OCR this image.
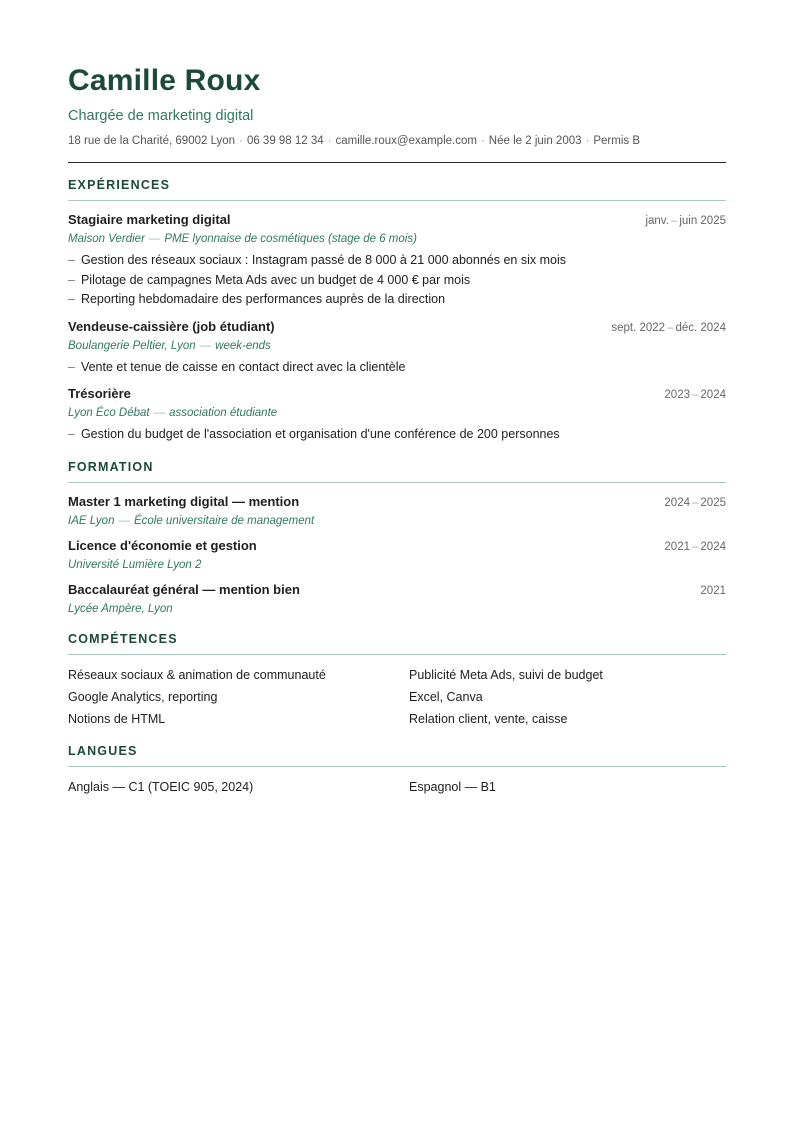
Camille Roux
Chargée de marketing digital
18 rue de la Charité, 69002 Lyon · 06 39 98 12 34 · camille.roux@example.com · Née le 2 juin 2003 · Permis B
EXPÉRIENCES
Stagiaire marketing digital	janv. – juin 2025
Maison Verdier — PME lyonnaise de cosmétiques (stage de 6 mois)
– Gestion des réseaux sociaux : Instagram passé de 8 000 à 21 000 abonnés en six mois
– Pilotage de campagnes Meta Ads avec un budget de 4 000 € par mois
– Reporting hebdomadaire des performances auprès de la direction
Vendeuse-caissière (job étudiant)	sept. 2022 – déc. 2024
Boulangerie Peltier, Lyon — week-ends
– Vente et tenue de caisse en contact direct avec la clientèle
Trésorière	2023 – 2024
Lyon Éco Débat — association étudiante
– Gestion du budget de l'association et organisation d'une conférence de 200 personnes
FORMATION
Master 1 marketing digital — mention	2024 – 2025
IAE Lyon — École universitaire de management
Licence d'économie et gestion	2021 – 2024
Université Lumière Lyon 2
Baccalauréat général — mention bien	2021
Lycée Ampère, Lyon
COMPÉTENCES
Réseaux sociaux & animation de communauté	Publicité Meta Ads, suivi de budget
Google Analytics, reporting	Excel, Canva
Notions de HTML	Relation client, vente, caisse
LANGUES
Anglais — C1 (TOEIC 905, 2024)	Espagnol — B1
